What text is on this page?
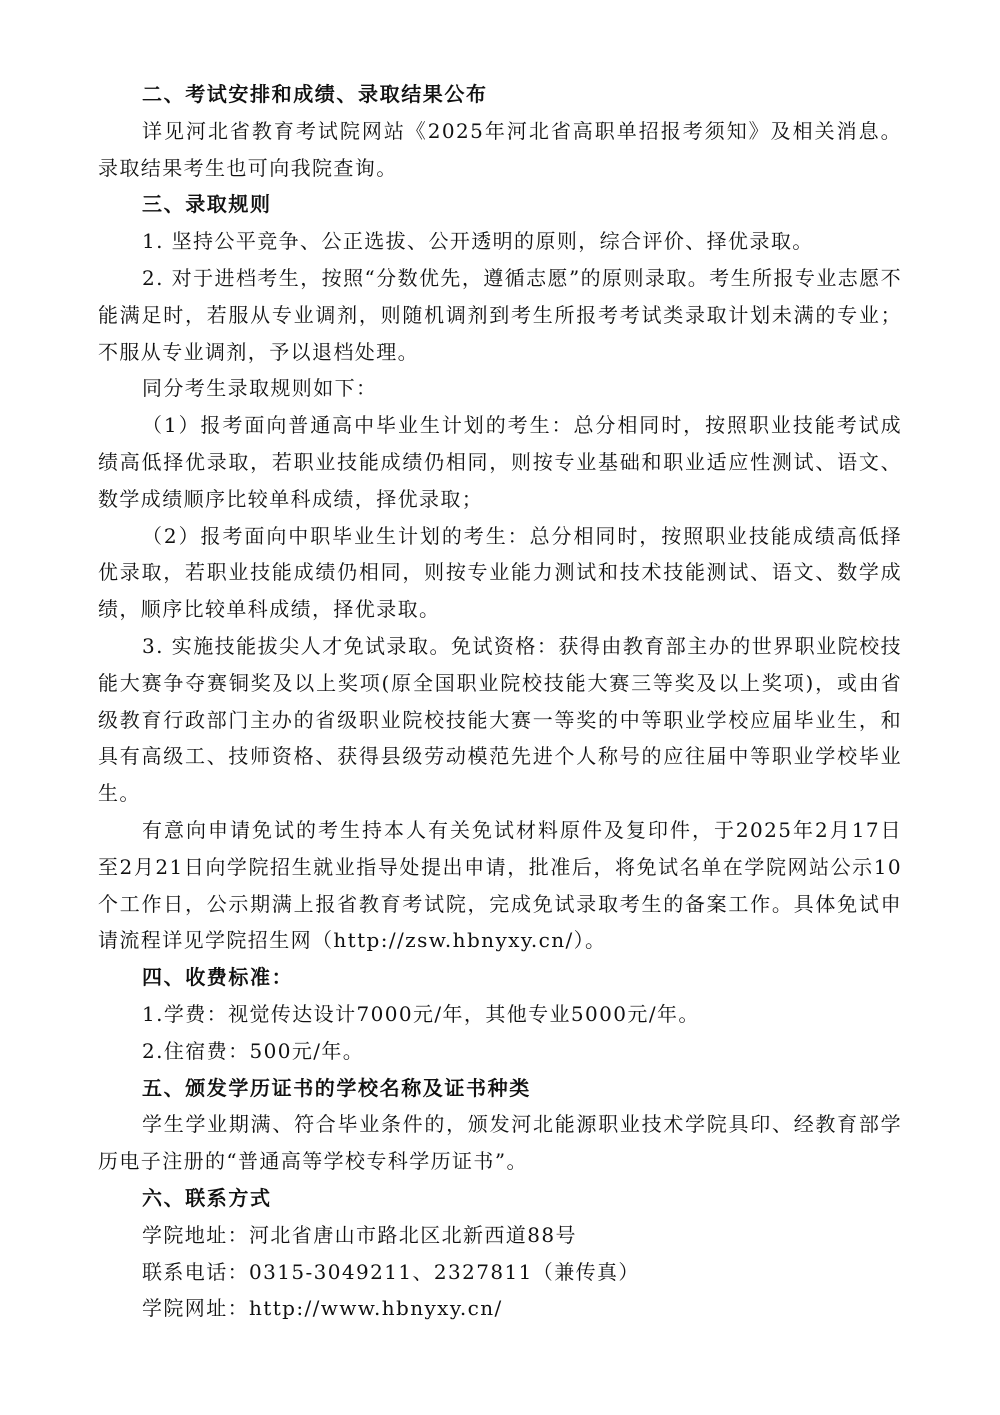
二、考试安排和成绩、录取结果公布

详见河北省教育考试院网站《2025年河北省高职单招报考须知》及相关消息。录取结果考生也可向我院查询。

三、录取规则

1. 坚持公平竞争、公正选拔、公开透明的原则，综合评价、择优录取。

2. 对于进档考生，按照“分数优先，遵循志愿”的原则录取。考生所报专业志愿不能满足时，若服从专业调剂，则随机调剂到考生所报考考试类录取计划未满的专业；不服从专业调剂，予以退档处理。

同分考生录取规则如下：

（1）报考面向普通高中毕业生计划的考生：总分相同时，按照职业技能考试成绩高低择优录取，若职业技能成绩仍相同，则按专业基础和职业适应性测试、语文、数学成绩顺序比较单科成绩，择优录取；

（2）报考面向中职毕业生计划的考生：总分相同时，按照职业技能成绩高低择优录取，若职业技能成绩仍相同，则按专业能力测试和技术技能测试、语文、数学成绩，顺序比较单科成绩，择优录取。

3. 实施技能拔尖人才免试录取。免试资格：获得由教育部主办的世界职业院校技能大赛争夺赛铜奖及以上奖项(原全国职业院校技能大赛三等奖及以上奖项)，或由省级教育行政部门主办的省级职业院校技能大赛一等奖的中等职业学校应届毕业生，和具有高级工、技师资格、获得县级劳动模范先进个人称号的应往届中等职业学校毕业生。

有意向申请免试的考生持本人有关免试材料原件及复印件，于2025年2月17日至2月21日向学院招生就业指导处提出申请，批准后，将免试名单在学院网站公示10个工作日，公示期满上报省教育考试院，完成免试录取考生的备案工作。具体免试申请流程详见学院招生网（http://zsw.hbnyxy.cn/）。

四、收费标准：

1.学费：视觉传达设计7000元/年，其他专业5000元/年。

2.住宿费：500元/年。

五、颁发学历证书的学校名称及证书种类

学生学业期满、符合毕业条件的，颁发河北能源职业技术学院具印、经教育部学历电子注册的“普通高等学校专科学历证书”。

六、联系方式

学院地址：河北省唐山市路北区北新西道88号

联系电话：0315-3049211、2327811（兼传真）

学院网址：http://www.hbnyxy.cn/
